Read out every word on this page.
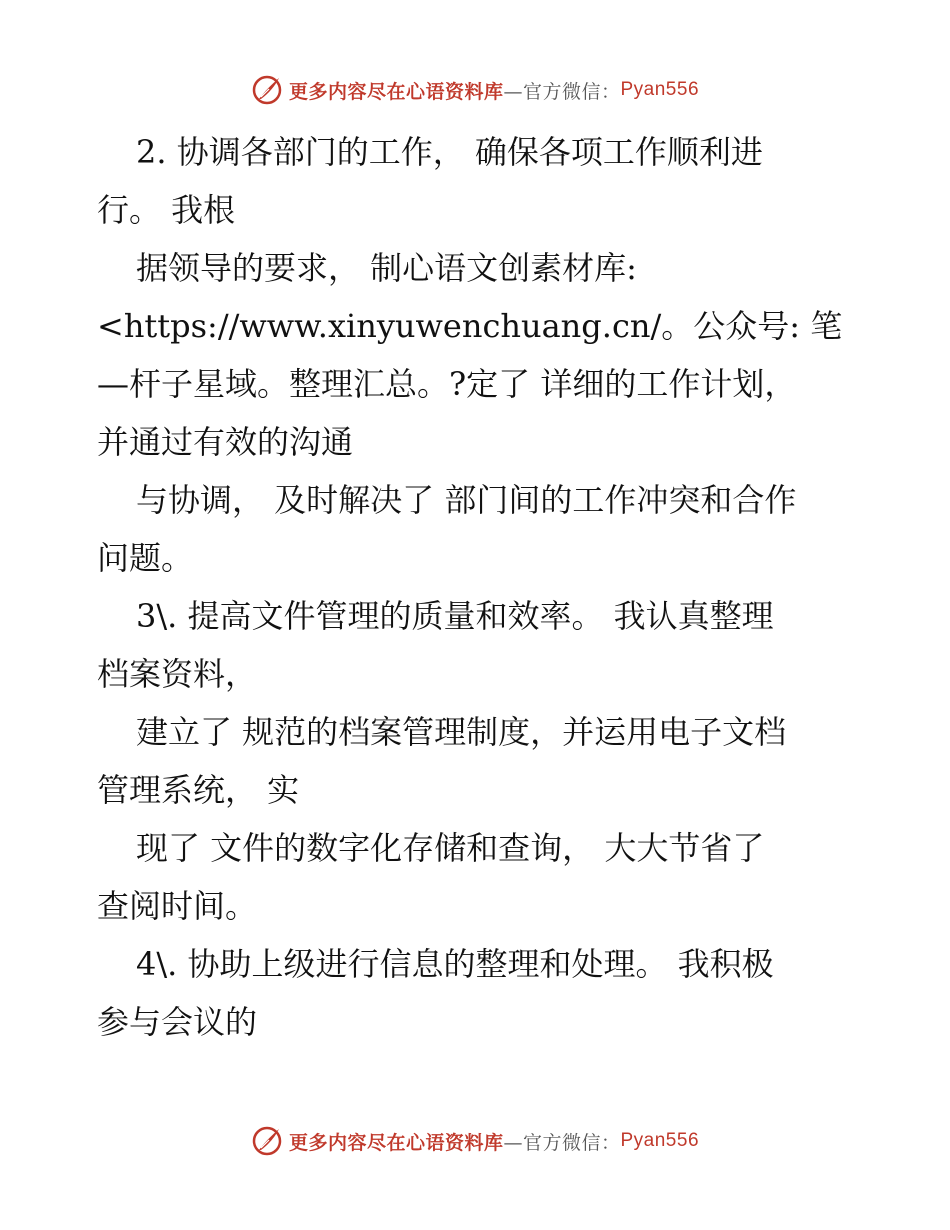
更多内容尽在心语资料库 —官方微信： Pyan556
2. 协调各部门的工作， 确保各项工作顺利进
行。 我根
据领导的要求， 制心语文创素材库:
<https://www.xinyuwenchuang.cn/。公众号: 笔
—杆子星域。整理汇总。?定了 详细的工作计划，
并通过有效的沟通
与协调， 及时解决了 部门间的工作冲突和合作
问题。
3\. 提高文件管理的质量和效率。 我认真整理
档案资料，
建立了 规范的档案管理制度，并运用电子文档
管理系统， 实
现了 文件的数字化存储和查询， 大大节省了
查阅时间。
4\. 协助上级进行信息的整理和处理。 我积极
参与会议的
更多内容尽在心语资料库 —官方微信： Pyan556
